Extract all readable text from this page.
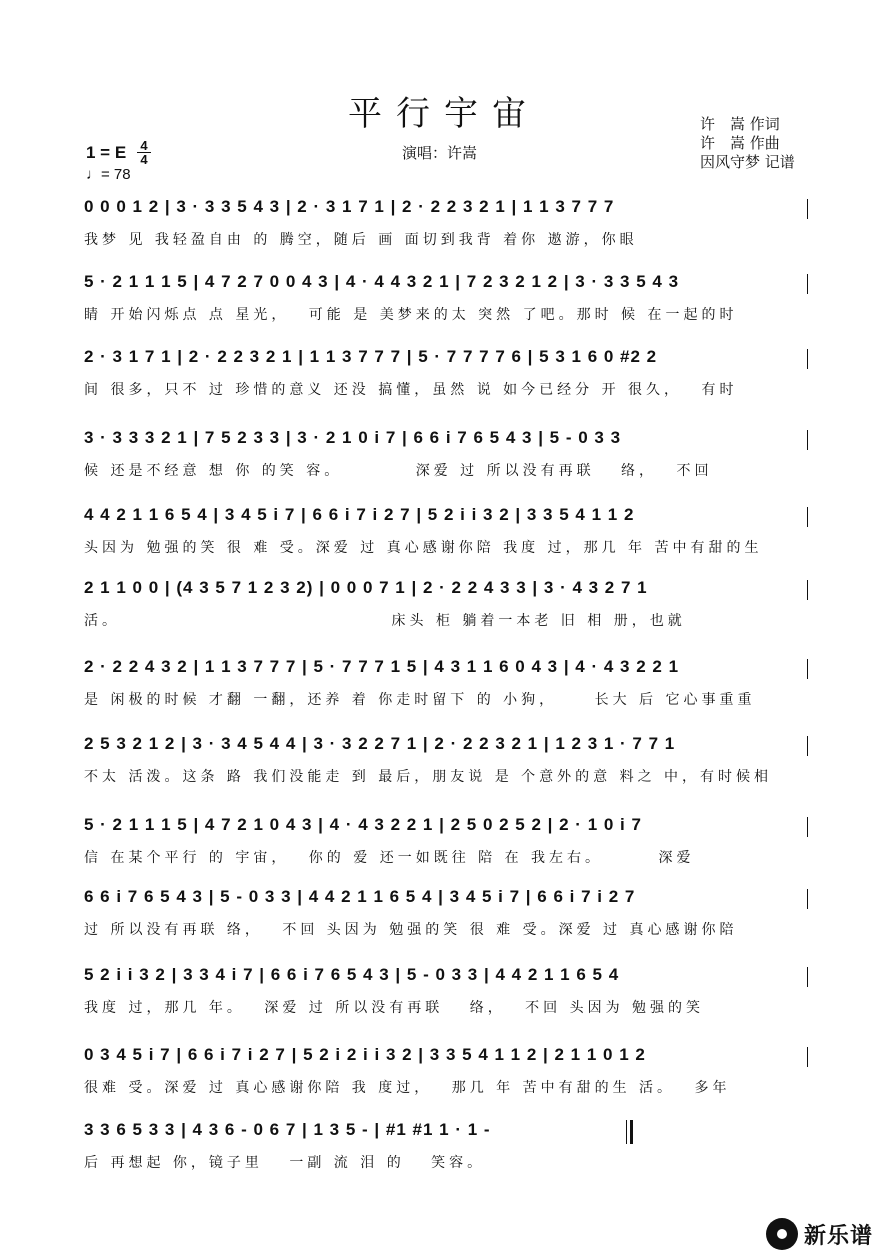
平行宇宙	许　嵩 作词
许　嵩 作曲
因风守梦 记谱
1 = E 4
4
♩= 78
演唱：许嵩
0 0 0 1 2 | 3 · 3 3 5 4 3 | 2 · 3 1 7 1 | 2 · 2 2 3 2 1 | 1 1 3 7 7 7
我梦 见 我轻盈自由 的 腾空，随后 画 面切到我背 着你 遨游，你眼
5 · 2 1 1 1 5 | 4 7 2 7 0 0 4 3 | 4 · 4 4 3 2 1 | 7 2 3 2 1 2 | 3 · 3 3 5 4 3
睛 开始闪烁点 点 星光，　 可能 是 美梦来的太 突然 了吧。那时 候 在一起的时
2 · 3 1 7 1 | 2 · 2 2 3 2 1 | 1 1 3 7 7 7 | 5 · 7 7 7 7 6 | 5 3 1 6 0 #2 2
间 很多，只不 过 珍惜的意义 还没 搞懂，虽然 说 如今已经分 开 很久，　 有时
3 · 3 3 3 2 1 | 7 5 2 3 3 | 3 · 2 1 0 i 7 | 6 6 i 7 6 5 4 3 | 5 - 0 3 3
候 还是不经意 想 你 的笑 容。　　　　 深爱 过 所以没有再联　 络，　 不回
4 4 2 1 1 6 5 4 | 3 4 5 i 7 | 6 6 i 7 i 2 7 | 5 2 i i 3 2 | 3 3 5 4 1 1 2
头因为 勉强的笑 很 难 受。深爱 过 真心感谢你陪 我度 过，那几 年 苦中有甜的生
2 1 1 0 0 | (4 3 5 7 1 2 3 2) | 0 0 0 7 1 | 2 · 2 2 4 3 3 | 3 · 4 3 2 7 1
活。　　　　　　　　　　　　　　　 床头 柜 躺着一本老 旧 相 册，也就
2 · 2 2 4 3 2 | 1 1 3 7 7 7 | 5 · 7 7 7 1 5 | 4 3 1 1 6 0 4 3 | 4 · 4 3 2 2 1
是 闲极的时候 才翻 一翻，还养 着 你走时留下 的 小狗，　　 长大 后 它心事重重
2 5 3 2 1 2 | 3 · 3 4 5 4 4 | 3 · 3 2 2 7 1 | 2 · 2 2 3 2 1 | 1 2 3 1 · 7 7 1
不太 活泼。这条 路 我们没能走 到 最后，朋友说 是 个意外的意 料之 中，有时候相
5 · 2 1 1 1 5 | 4 7 2 1 0 4 3 | 4 · 4 3 2 2 1 | 2 5 0 2 5 2 | 2 · 1 0 i 7
信 在某个平行 的 宇宙，　 你的 爱 还一如既往 陪 在 我左右。　　　 深爱
6 6 i 7 6 5 4 3 | 5 - 0 3 3 | 4 4 2 1 1 6 5 4 | 3 4 5 i 7 | 6 6 i 7 i 2 7
过 所以没有再联 络，　 不回 头因为 勉强的笑 很 难 受。深爱 过 真心感谢你陪
5 2 i i 3 2 | 3 3 4 i 7 | 6 6 i 7 6 5 4 3 | 5 - 0 3 3 | 4 4 2 1 1 6 5 4
我度 过，那几 年。　 深爱 过 所以没有再联　 络，　 不回 头因为 勉强的笑
0 3 4 5 i 7 | 6 6 i 7 i 2 7 | 5 2 i 2 i i 3 2 | 3 3 5 4 1 1 2 | 2 1 1 0 1 2
很难 受。深爱 过 真心感谢你陪 我 度过，　 那几 年 苦中有甜的生 活。　 多年
3 3 6 5 3 3 | 4 3 6 - 0 6 7 | 1 3 5 - | #1 #1 1 · 1 -
后 再想起 你，镜子里　 一副 流 泪 的　 笑容。
新乐谱
